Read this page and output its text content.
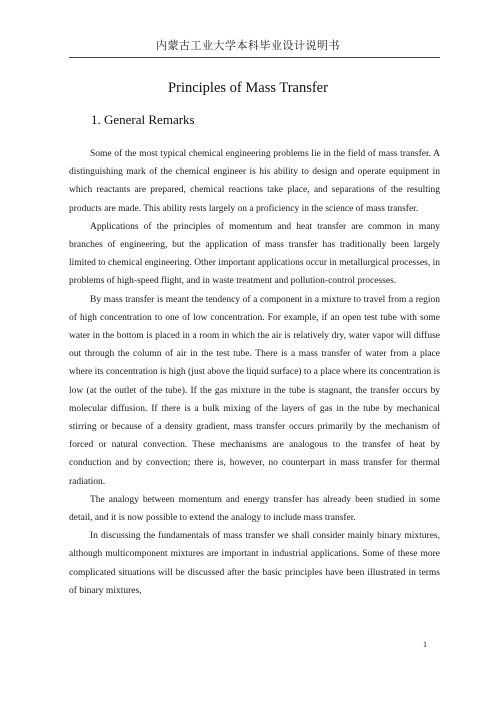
内蒙古工业大学本科毕业设计说明书
Principles of Mass Transfer
1. General Remarks

Some of the most typical chemical engineering problems lie in the field of mass transfer. A distinguishing mark of the chemical engineer is his ability to design and operate equipment in which reactants are prepared, chemical reactions take place, and separations of the resulting products are made. This ability rests largely on a proficiency in the science of mass transfer.

Applications of the principles of momentum and heat transfer are common in many branches of engineering, but the application of mass transfer has traditionally been largely limited to chemical engineering. Other important applications occur in metallurgical processes, in problems of high-speed flight, and in waste treatment and pollution-control processes.

By mass transfer is meant the tendency of a component in a mixture to travel from a region of high concentration to one of low concentration. For example, if an open test tube with some water in the bottom is placed in a room in which the air is relatively dry, water vapor will diffuse out through the column of air in the test tube. There is a mass transfer of water from a place where its concentration is high (just above the liquid surface) to a place where its concentration is low (at the outlet of the tube). If the gas mixture in the tube is stagnant, the transfer occurs by molecular diffusion. If there is a bulk mixing of the layers of gas in the tube by mechanical stirring or because of a density gradient, mass transfer occurs primarily by the mechanism of forced or natural convection. These mechanisms are analogous to the transfer of heat by conduction and by convection; there is, however, no counterpart in mass transfer for thermal radiation.

The analogy between momentum and energy transfer has already been studied in some detail, and it is now possible to extend the analogy to include mass transfer.

In discussing the fundamentals of mass transfer we shall consider mainly binary mixtures, although multicomponent mixtures are important in industrial applications. Some of these more complicated situations will be discussed after the basic principles have been illustrated in terms of binary mixtures,

1
